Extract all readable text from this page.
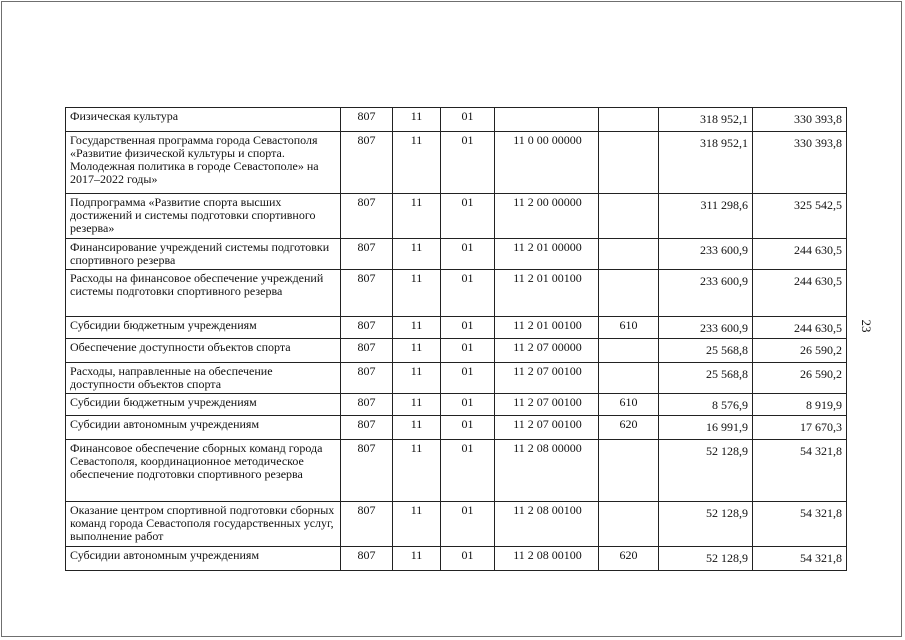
Физическая культура	807	11	01			318 952,1	330 393,8
Государственная программа города Севастополя «Развитие физической культуры и спорта. Молодежная политика в городе Севастополе» на 2017–2022 годы»	807	11	01	11 0 00 00000		318 952,1	330 393,8
Подпрограмма «Развитие спорта высших достижений и системы подготовки спортивного резерва»	807	11	01	11 2 00 00000		311 298,6	325 542,5
Финансирование учреждений системы подготовки спортивного резерва	807	11	01	11 2 01 00000		233 600,9	244 630,5
Расходы на финансовое обеспечение учреждений системы подготовки спортивного резерва	807	11	01	11 2 01 00100		233 600,9	244 630,5
Субсидии бюджетным учреждениям	807	11	01	11 2 01 00100	610	233 600,9	244 630,5
Обеспечение доступности объектов спорта	807	11	01	11 2 07 00000		25 568,8	26 590,2
Расходы, направленные на обеспечение доступности объектов спорта	807	11	01	11 2 07 00100		25 568,8	26 590,2
Субсидии бюджетным учреждениям	807	11	01	11 2 07 00100	610	8 576,9	8 919,9
Субсидии автономным учреждениям	807	11	01	11 2 07 00100	620	16 991,9	17 670,3
Финансовое обеспечение сборных команд города Севастополя, координационное методическое обеспечение подготовки спортивного резерва	807	11	01	11 2 08 00000		52 128,9	54 321,8
Оказание центром спортивной подготовки сборных команд города Севастополя государственных услуг, выполнение работ	807	11	01	11 2 08 00100		52 128,9	54 321,8
Субсидии автономным учреждениям	807	11	01	11 2 08 00100	620	52 128,9	54 321,8
23
